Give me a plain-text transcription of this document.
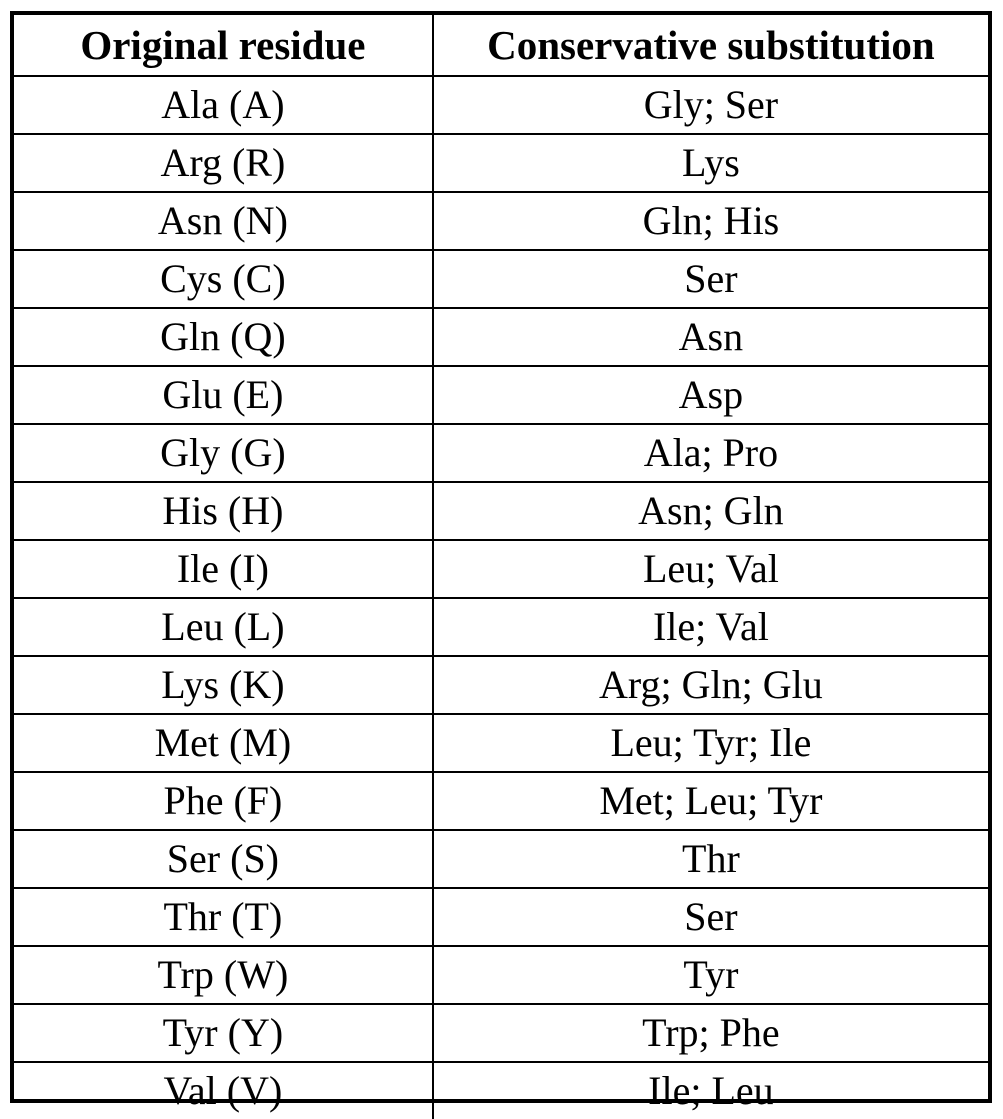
Original residue	Conservative substitution
Ala (A)	Gly; Ser
Arg (R)	Lys
Asn (N)	Gln; His
Cys (C)	Ser
Gln (Q)	Asn
Glu (E)	Asp
Gly (G)	Ala; Pro
His (H)	Asn; Gln
Ile (I)	Leu; Val
Leu (L)	Ile; Val
Lys (K)	Arg; Gln; Glu
Met (M)	Leu; Tyr; Ile
Phe (F)	Met; Leu; Tyr
Ser (S)	Thr
Thr (T)	Ser
Trp (W)	Tyr
Tyr (Y)	Trp; Phe
Val (V)	Ile; Leu
